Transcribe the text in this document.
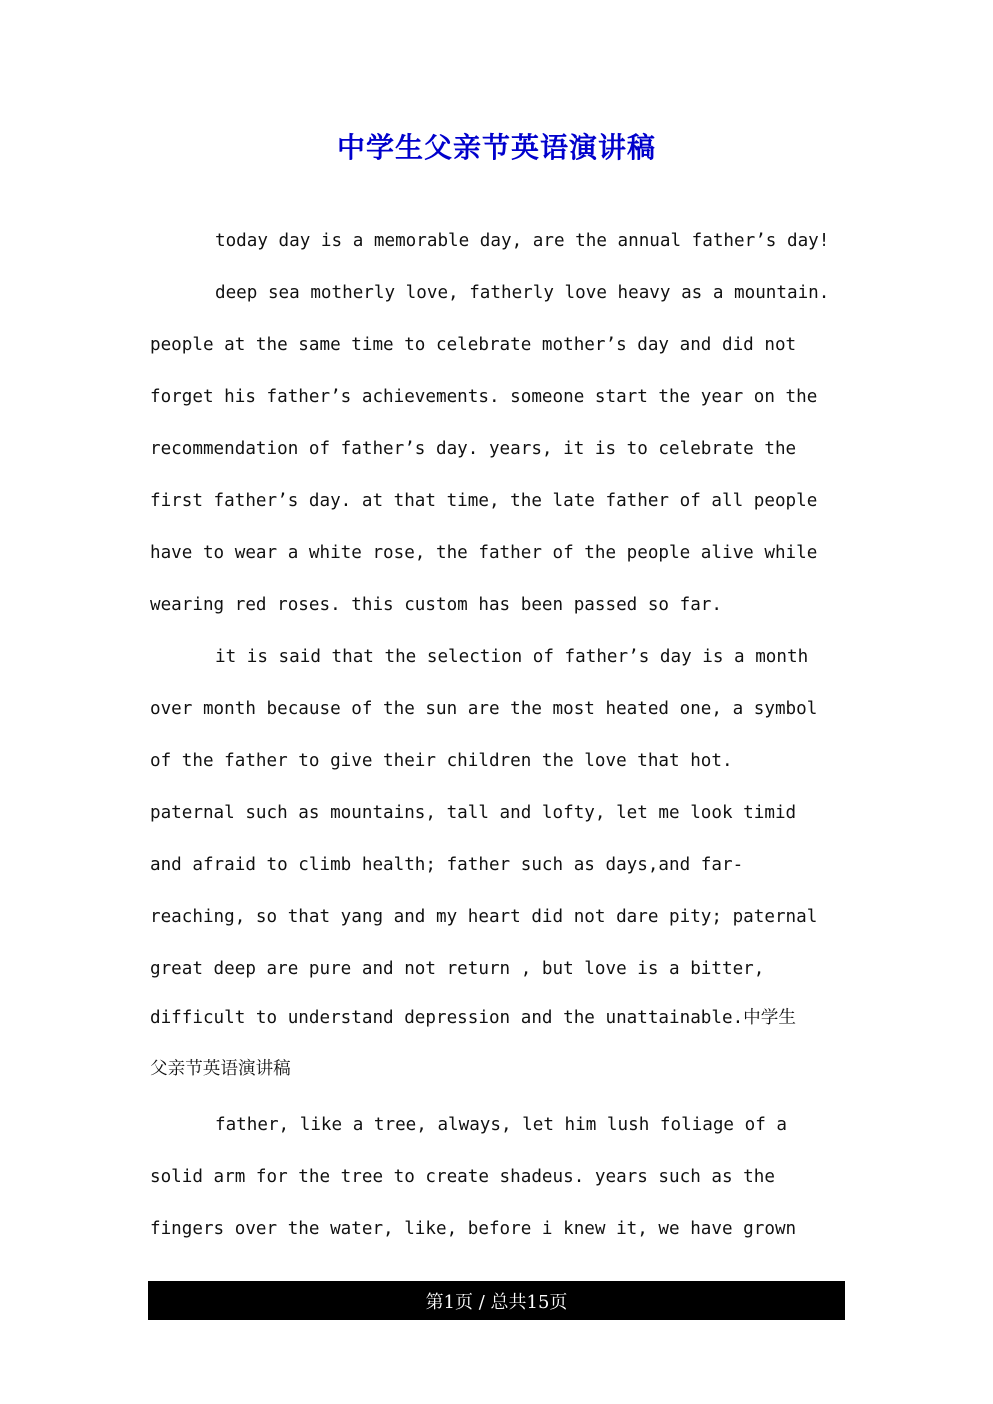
中学生父亲节英语演讲稿

today day is a memorable day, are the annual father’s day!

deep sea motherly love, fatherly love heavy as a mountain.

people at the same time to celebrate mother’s day and did not

forget his father’s achievements. someone start the year on the

recommendation of father’s day. years, it is to celebrate the

first father’s day. at that time, the late father of all people

have to wear a white rose, the father of the people alive while

wearing red roses. this custom has been passed so far.

it is said that the selection of father’s day is a month

over month because of the sun are the most heated one, a symbol

of the father to give their children the love that hot.

paternal such as mountains, tall and lofty, let me look timid

and afraid to climb health; father such as days,and far-

reaching, so that yang and my heart did not dare pity; paternal

great deep are pure and not return , but love is a bitter,

difficult to understand depression and the unattainable.中学生

父亲节英语演讲稿

father, like a tree, always, let him lush foliage of a

solid arm for the tree to create shadeus. years such as the

fingers over the water, like, before i knew it, we have grown

第1页 / 总共15页
